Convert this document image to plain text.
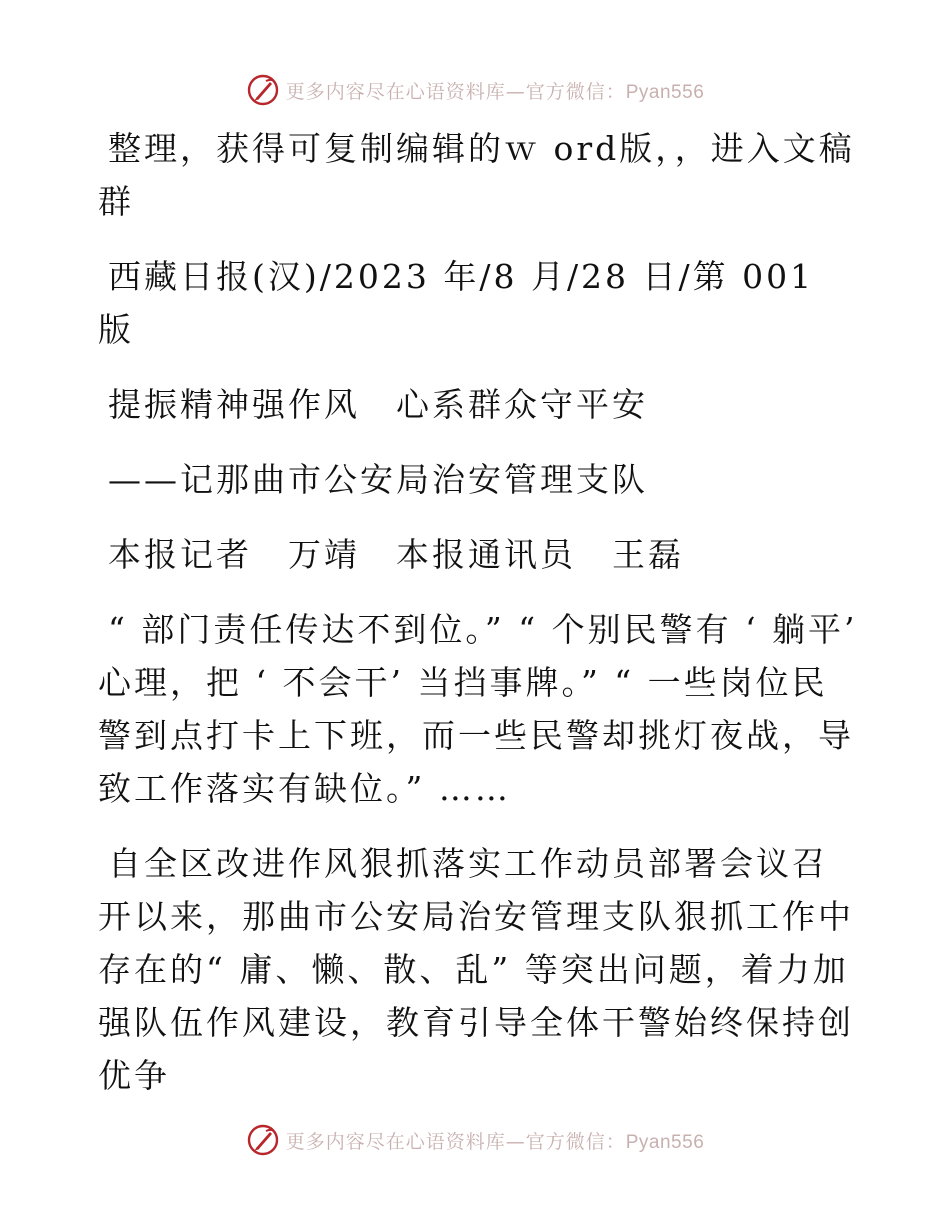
更多内容尽在心语资料库—官方微信：Pyan556

整理，获得可复制编辑的ｗ ord版，，进入文稿群

西藏日报(汉)/2023 年/8 月/28 日/第 001 版

提振精神强作风　心系群众守平安

——记那曲市公安局治安管理支队

本报记者　万靖　本报通讯员　王磊

“ 部门责任传达不到位。” “ 个别民警有 ‘ 躺平’ 心理，把 ‘ 不会干’ 当挡事牌。” “ 一些岗位民警到点打卡上下班，而一些民警却挑灯夜战，导致工作落实有缺位。” ……

自全区改进作风狠抓落实工作动员部署会议召开以来，那曲市公安局治安管理支队狠抓工作中存在的“ 庸、懒、散、乱” 等突出问题，着力加强队伍作风建设，教育引导全体干警始终保持创优争

更多内容尽在心语资料库—官方微信：Pyan556
